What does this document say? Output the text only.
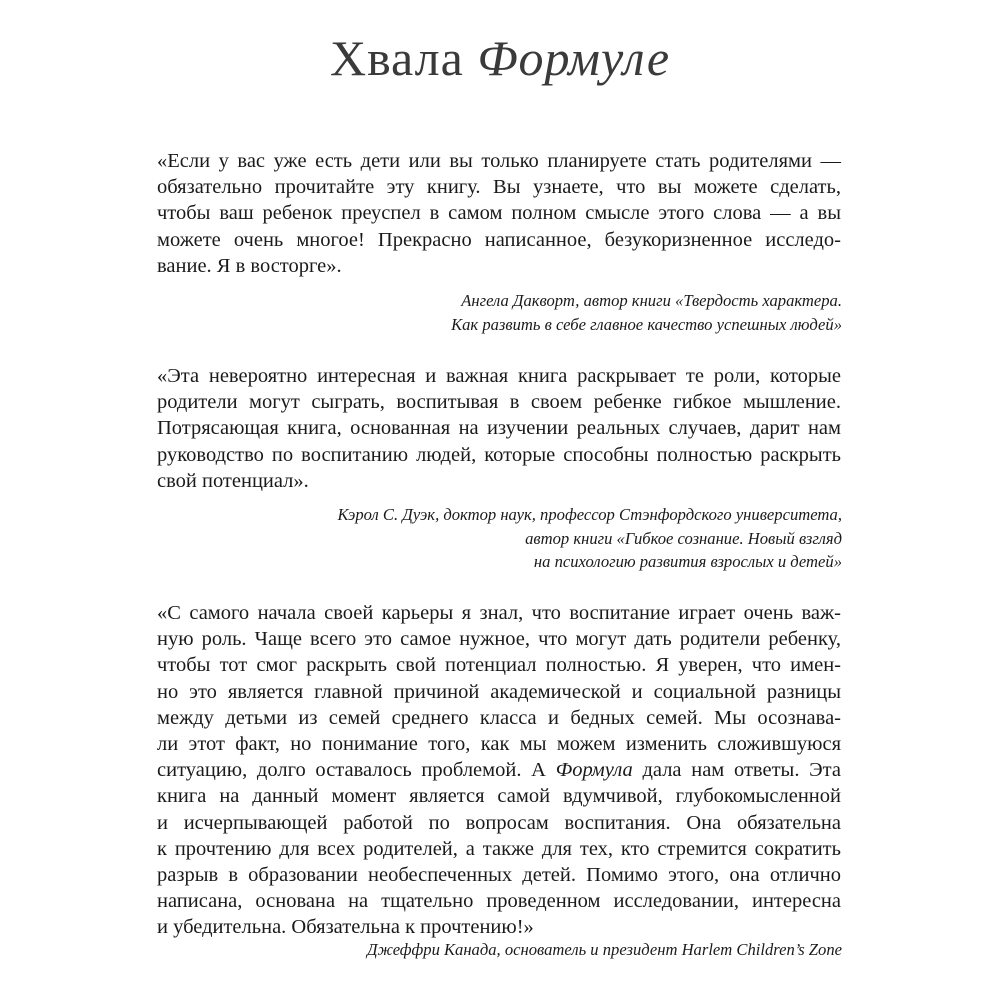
Хвала Формуле
«Если у вас уже есть дети или вы только планируете стать родителями —
обязательно прочитайте эту книгу. Вы узнаете, что вы можете сделать,
чтобы ваш ребенок преуспел в самом полном смысле этого слова — а вы
можете очень многое! Прекрасно написанное, безукоризненное исследо-
вание. Я в восторге».
Ангела Дакворт, автор книги «Твердость характера.
Как развить в себе главное качество успешных людей»
«Эта невероятно интересная и важная книга раскрывает те роли, которые
родители могут сыграть, воспитывая в своем ребенке гибкое мышление.
Потрясающая книга, основанная на изучении реальных случаев, дарит нам
руководство по воспитанию людей, которые способны полностью раскрыть
свой потенциал».
Кэрол С. Дуэк, доктор наук, профессор Стэнфордского университета,
автор книги «Гибкое сознание. Новый взгляд
на психологию развития взрослых и детей»
«С самого начала своей карьеры я знал, что воспитание играет очень важ-
ную роль. Чаще всего это самое нужное, что могут дать родители ребенку,
чтобы тот смог раскрыть свой потенциал полностью. Я уверен, что имен-
но это является главной причиной академической и социальной разницы
между детьми из семей среднего класса и бедных семей. Мы осознава-
ли этот факт, но понимание того, как мы можем изменить сложившуюся
ситуацию, долго оставалось проблемой. А Формула дала нам ответы. Эта
книга на данный момент является самой вдумчивой, глубокомысленной
и исчерпывающей работой по вопросам воспитания. Она обязательна
к прочтению для всех родителей, а также для тех, кто стремится сократить
разрыв в образовании необеспеченных детей. Помимо этого, она отлично
написана, основана на тщательно проведенном исследовании, интересна
и убедительна. Обязательна к прочтению!»
Джеффри Канада, основатель и президент Harlem Children’s Zone
